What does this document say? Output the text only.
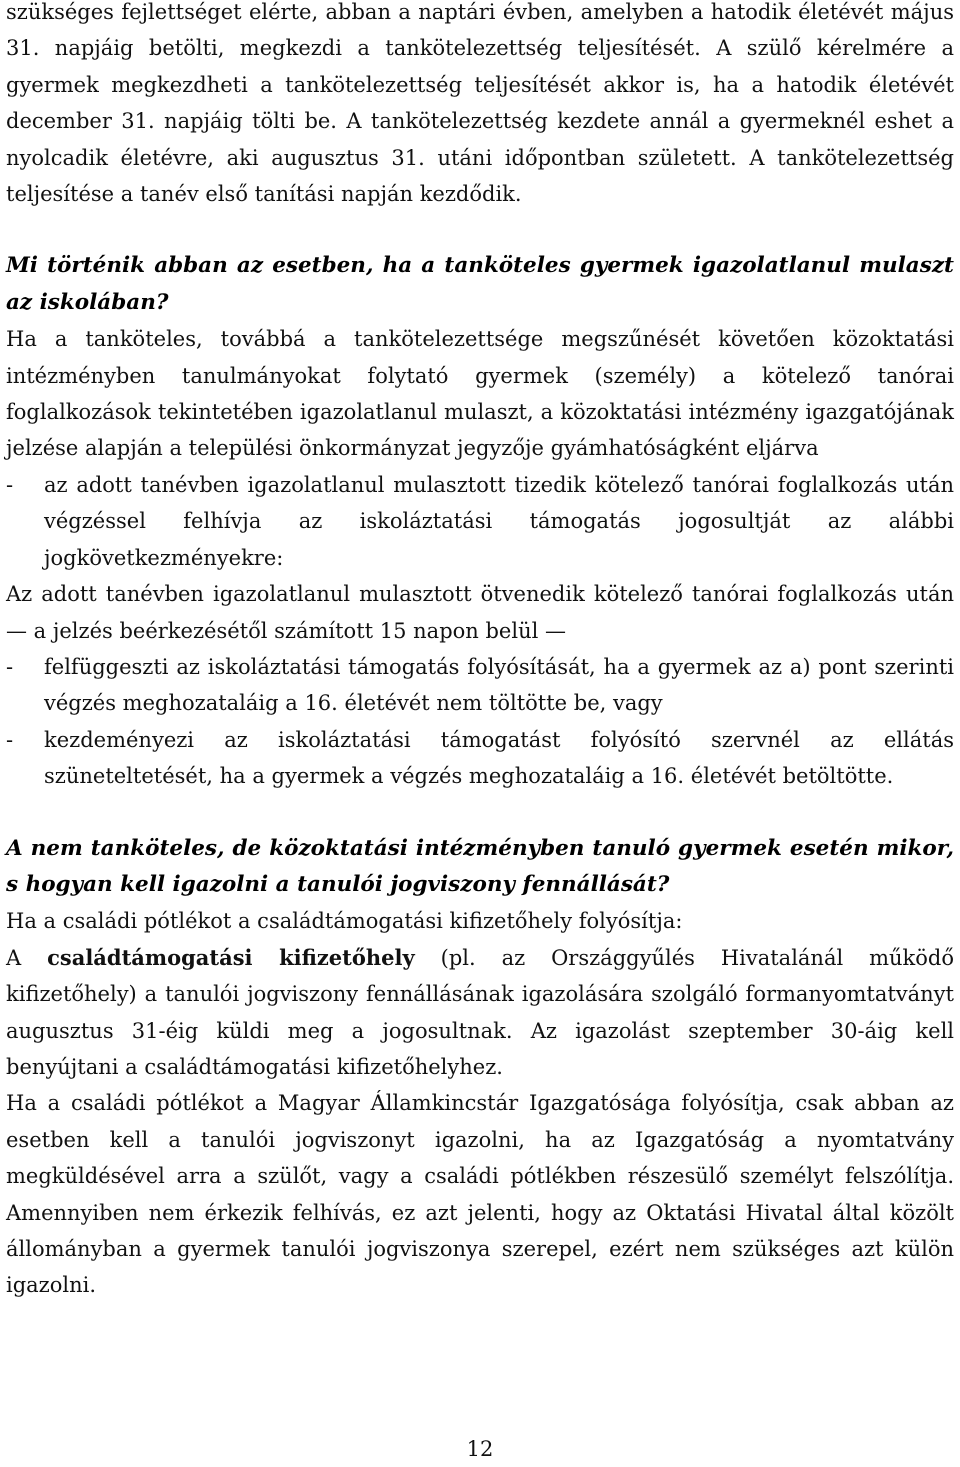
szükséges fejlettséget elérte, abban a naptári évben, amelyben a hatodik életévét május 31. napjáig betölti, megkezdi a tankötelezettség teljesítését. A szülő kérelmére a gyermek megkezdheti a tankötelezettség teljesítését akkor is, ha a hatodik életévét december 31. napjáig tölti be. A tankötelezettség kezdete annál a gyermeknél eshet a nyolcadik életévre, aki augusztus 31. utáni időpontban született. A tankötelezettség teljesítése a tanév első tanítási napján kezdődik.

Mi történik abban az esetben, ha a tanköteles gyermek igazolatlanul mulaszt az iskolában?

Ha a tanköteles, továbbá a tankötelezettsége megszűnését követően közoktatási intézményben tanulmányokat folytató gyermek (személy) a kötelező tanórai foglalkozások tekintetében igazolatlanul mulaszt, a közoktatási intézmény igazgatójának jelzése alapján a települési önkormányzat jegyzője gyámhatóságként eljárva

-	az adott tanévben igazolatlanul mulasztott tizedik kötelező tanórai foglalkozás után végzéssel felhívja az iskoláztatási támogatás jogosultját az alábbi jogkövetkezményekre:

Az adott tanévben igazolatlanul mulasztott ötvenedik kötelező tanórai foglalkozás után — a jelzés beérkezésétől számított 15 napon belül —

-	felfüggeszti az iskoláztatási támogatás folyósítását, ha a gyermek az a) pont szerinti végzés meghozataláig a 16. életévét nem töltötte be, vagy
-	kezdeményezi az iskoláztatási támogatást folyósító szervnél az ellátás szüneteltetését, ha a gyermek a végzés meghozataláig a 16. életévét betöltötte.

A nem tanköteles, de közoktatási intézményben tanuló gyermek esetén mikor, s hogyan kell igazolni a tanulói jogviszony fennállását?

Ha a családi pótlékot a családtámogatási kifizetőhely folyósítja:

A családtámogatási kifizetőhely (pl. az Országgyűlés Hivatalánál működő kifizetőhely) a tanulói jogviszony fennállásának igazolására szolgáló formanyomtatványt augusztus 31-éig küldi meg a jogosultnak. Az igazolást szeptember 30-áig kell benyújtani a családtámogatási kifizetőhelyhez.

Ha a családi pótlékot a Magyar Államkincstár Igazgatósága folyósítja, csak abban az esetben kell a tanulói jogviszonyt igazolni, ha az Igazgatóság a nyomtatvány megküldésével arra a szülőt, vagy a családi pótlékben részesülő személyt felszólítja. Amennyiben nem érkezik felhívás, ez azt jelenti, hogy az Oktatási Hivatal által közölt állományban a gyermek tanulói jogviszonya szerepel, ezért nem szükséges azt külön igazolni.

12
